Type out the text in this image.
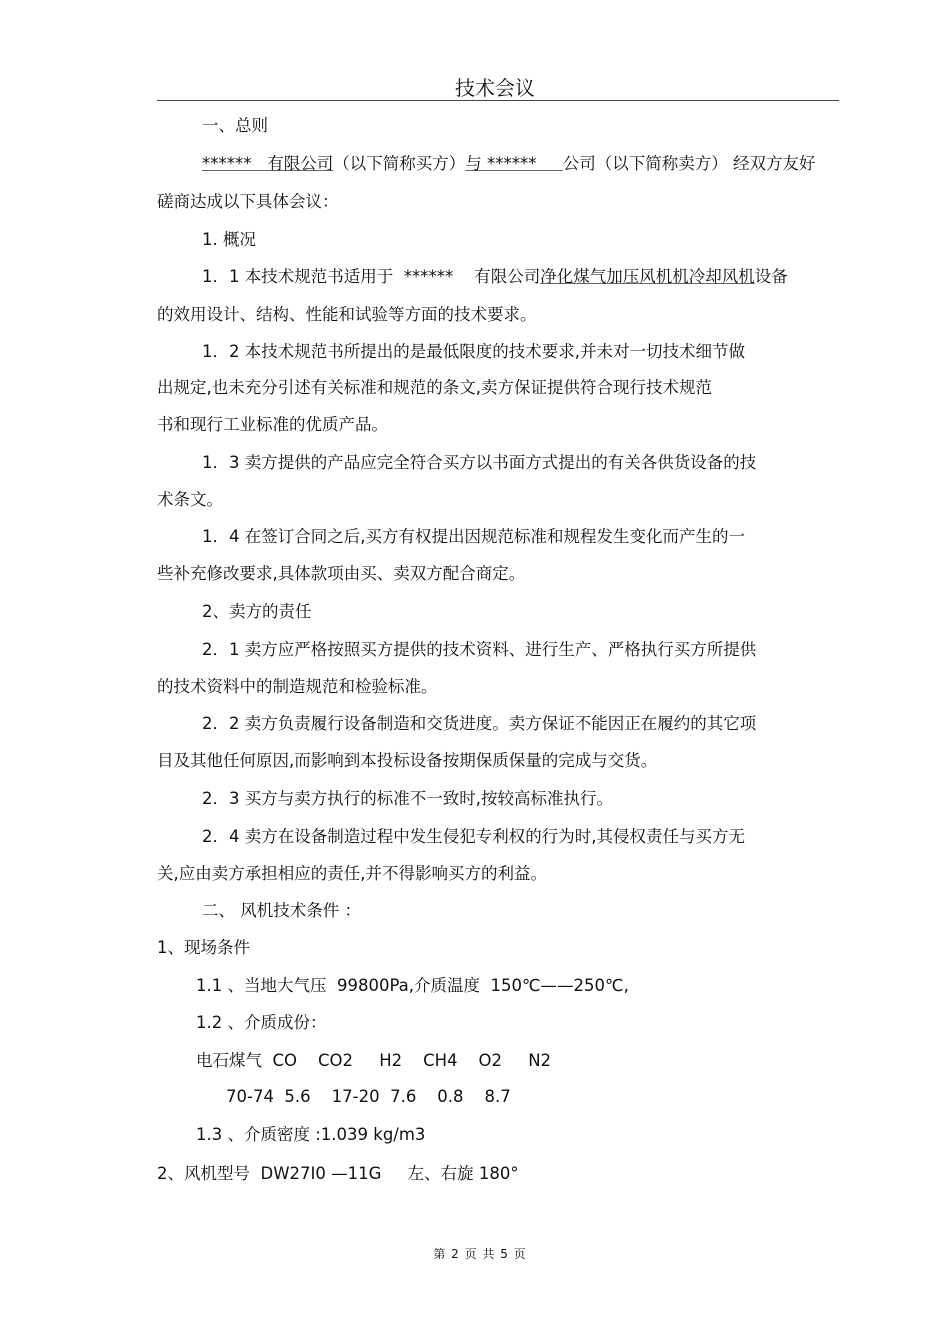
技术会议
一、总则
******   有限公司（以下简称买方）与 ******     公司（以下简称卖方） 经双方友好
磋商达成以下具体会议：
1. 概况
1．1 本技术规范书适用于  ******    有限公司净化煤气加压风机机冷却风机设备
的效用设计、结构、性能和试验等方面的技术要求。
1．2 本技术规范书所提出的是最低限度的技术要求,并未对一切技术细节做
出规定,也未充分引述有关标准和规范的条文,卖方保证提供符合现行技术规范
书和现行工业标准的优质产品。
1．3 卖方提供的产品应完全符合买方以书面方式提出的有关各供货设备的技
术条文。
1．4 在签订合同之后,买方有权提出因规范标准和规程发生变化而产生的一
些补充修改要求,具体款项由买、卖双方配合商定。
2、卖方的责任
2．1 卖方应严格按照买方提供的技术资料、进行生产、严格执行买方所提供
的技术资料中的制造规范和检验标准。
2．2 卖方负责履行设备制造和交货进度。卖方保证不能因正在履约的其它项
目及其他任何原因,而影响到本投标设备按期保质保量的完成与交货。
2．3 买方与卖方执行的标准不一致时,按较高标准执行。
2．4 卖方在设备制造过程中发生侵犯专利权的行为时,其侵权责任与买方无
关,应由卖方承担相应的责任,并不得影响买方的利益。
二、 风机技术条件 ：
1、现场条件
1.1 、当地大气压  99800Pa,介质温度  150℃——250℃,
1.2 、介质成份：
电石煤气  CO    CO2     H2    CH4    O2     N2
70-74  5.6    17-20  7.6    0.8    8.7
1.3 、介质密度 :1.039 kg/m3
2、风机型号  DW27I0 —11G     左、右旋 180°
第 2 页 共 5 页
